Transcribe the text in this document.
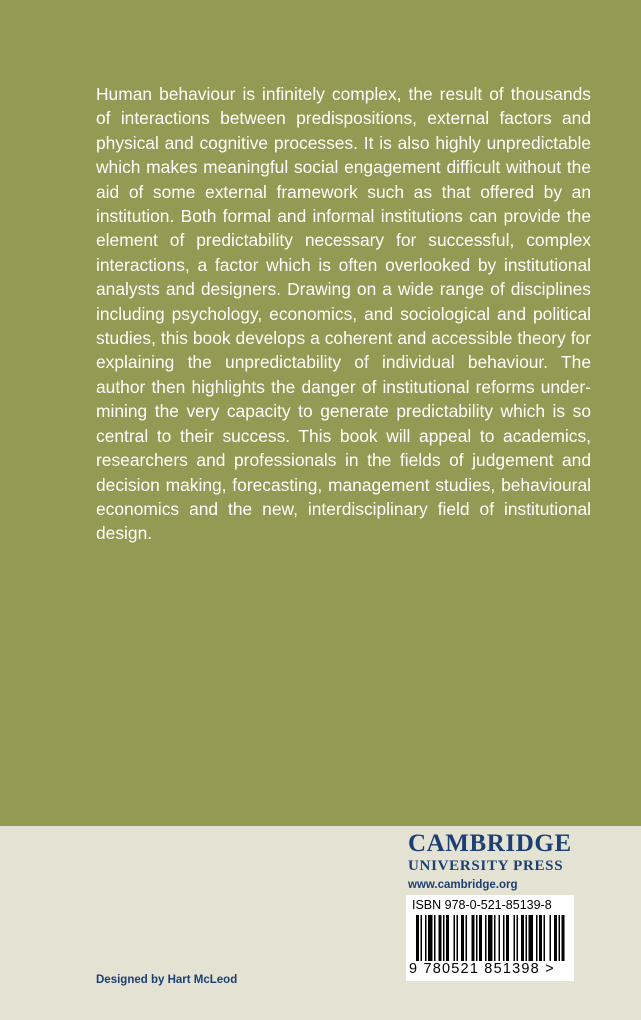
Human behaviour is infinitely complex, the result of thousands of interactions between predispositions, external factors and physical and cognitive processes. It is also highly unpredictable which makes meaningful social engagement difficult without the aid of some external framework such as that offered by an institution. Both formal and informal institutions can provide the element of predictability necessary for successful, complex interactions, a factor which is often overlooked by institutional analysts and designers. Drawing on a wide range of disciplines including psychology, economics, and sociological and political studies, this book develops a coherent and accessible theory for explaining the unpredictability of individual behaviour. The author then highlights the danger of institutional reforms undermining the very capacity to generate predictability which is so central to their success. This book will appeal to academics, researchers and professionals in the fields of judgement and decision making, forecasting, management studies, behavioural economics and the new, interdisciplinary field of institutional design.

CAMBRIDGE
UNIVERSITY PRESS
www.cambridge.org
ISBN 978-0-521-85139-8
9 780521 851398 >
Designed by Hart McLeod
